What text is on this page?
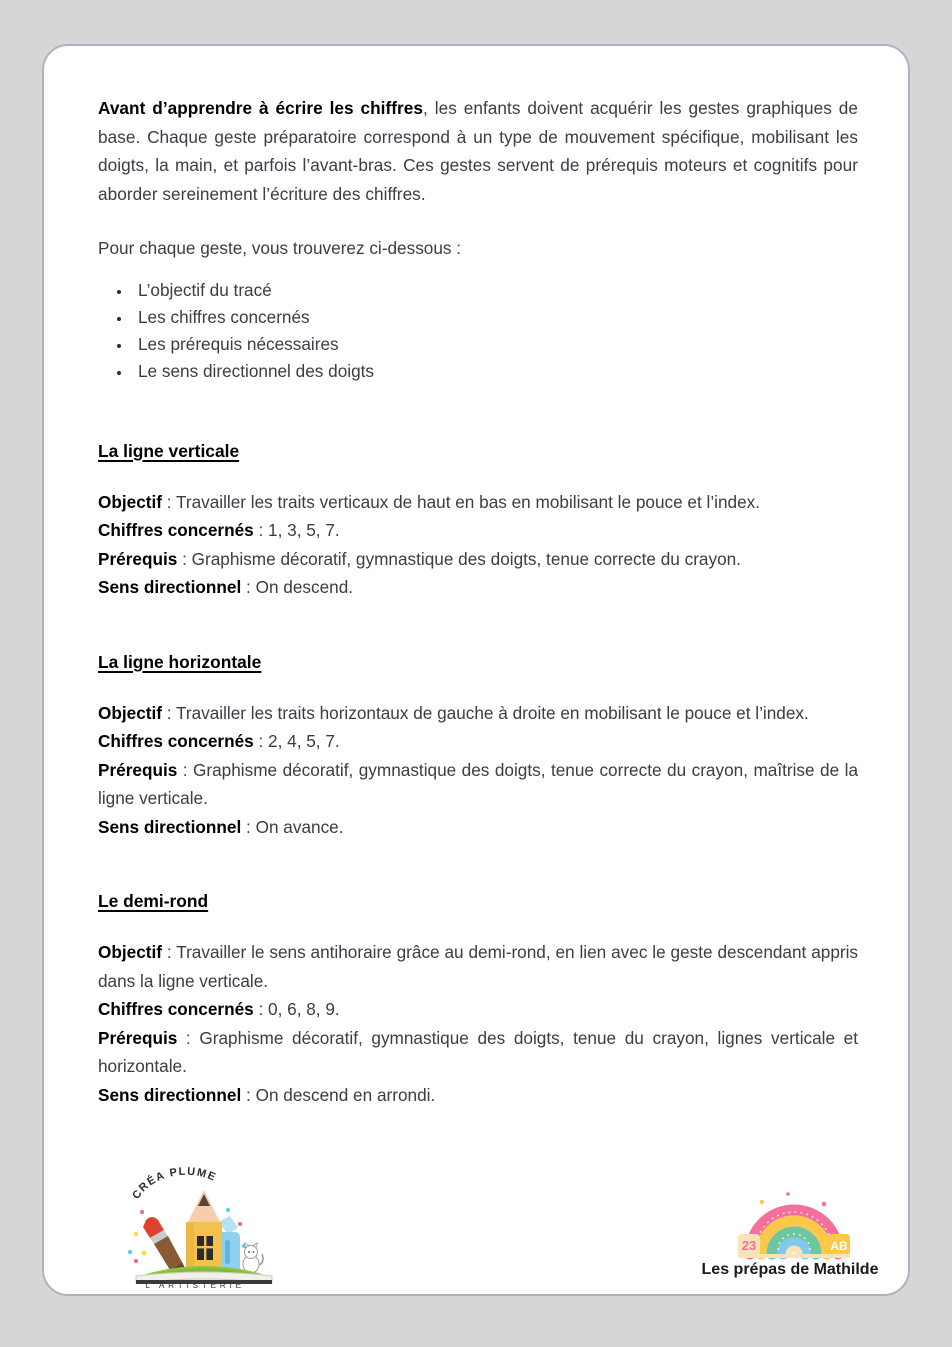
Avant d’apprendre à écrire les chiffres, les enfants doivent acquérir les gestes graphiques de base. Chaque geste préparatoire correspond à un type de mouvement spécifique, mobilisant les doigts, la main, et parfois l’avant-bras. Ces gestes servent de prérequis moteurs et cognitifs pour aborder sereinement l’écriture des chiffres.

Pour chaque geste, vous trouverez ci-dessous :

• L’objectif du tracé
• Les chiffres concernés
• Les prérequis nécessaires
• Le sens directionnel des doigts
La ligne verticale

Objectif : Travailler les traits verticaux de haut en bas en mobilisant le pouce et l’index.

Chiffres concernés : 1, 3, 5, 7.

Prérequis : Graphisme décoratif, gymnastique des doigts, tenue correcte du crayon.

Sens directionnel : On descend.

La ligne horizontale

Objectif : Travailler les traits horizontaux de gauche à droite en mobilisant le pouce et l’index.

Chiffres concernés : 2, 4, 5, 7.

Prérequis : Graphisme décoratif, gymnastique des doigts, tenue correcte du crayon, maîtrise de la ligne verticale.

Sens directionnel : On avance.

Le demi-rond

Objectif : Travailler le sens antihoraire grâce au demi-rond, en lien avec le geste descendant appris dans la ligne verticale.

Chiffres concernés : 0, 6, 8, 9.

Prérequis : Graphisme décoratif, gymnastique des doigts, tenue du crayon, lignes verticale et horizontale.

Sens directionnel : On descend en arrondi.

CRÉA PLUME
L'ARTISTERIE
23	AB
Les prépas de Mathilde
